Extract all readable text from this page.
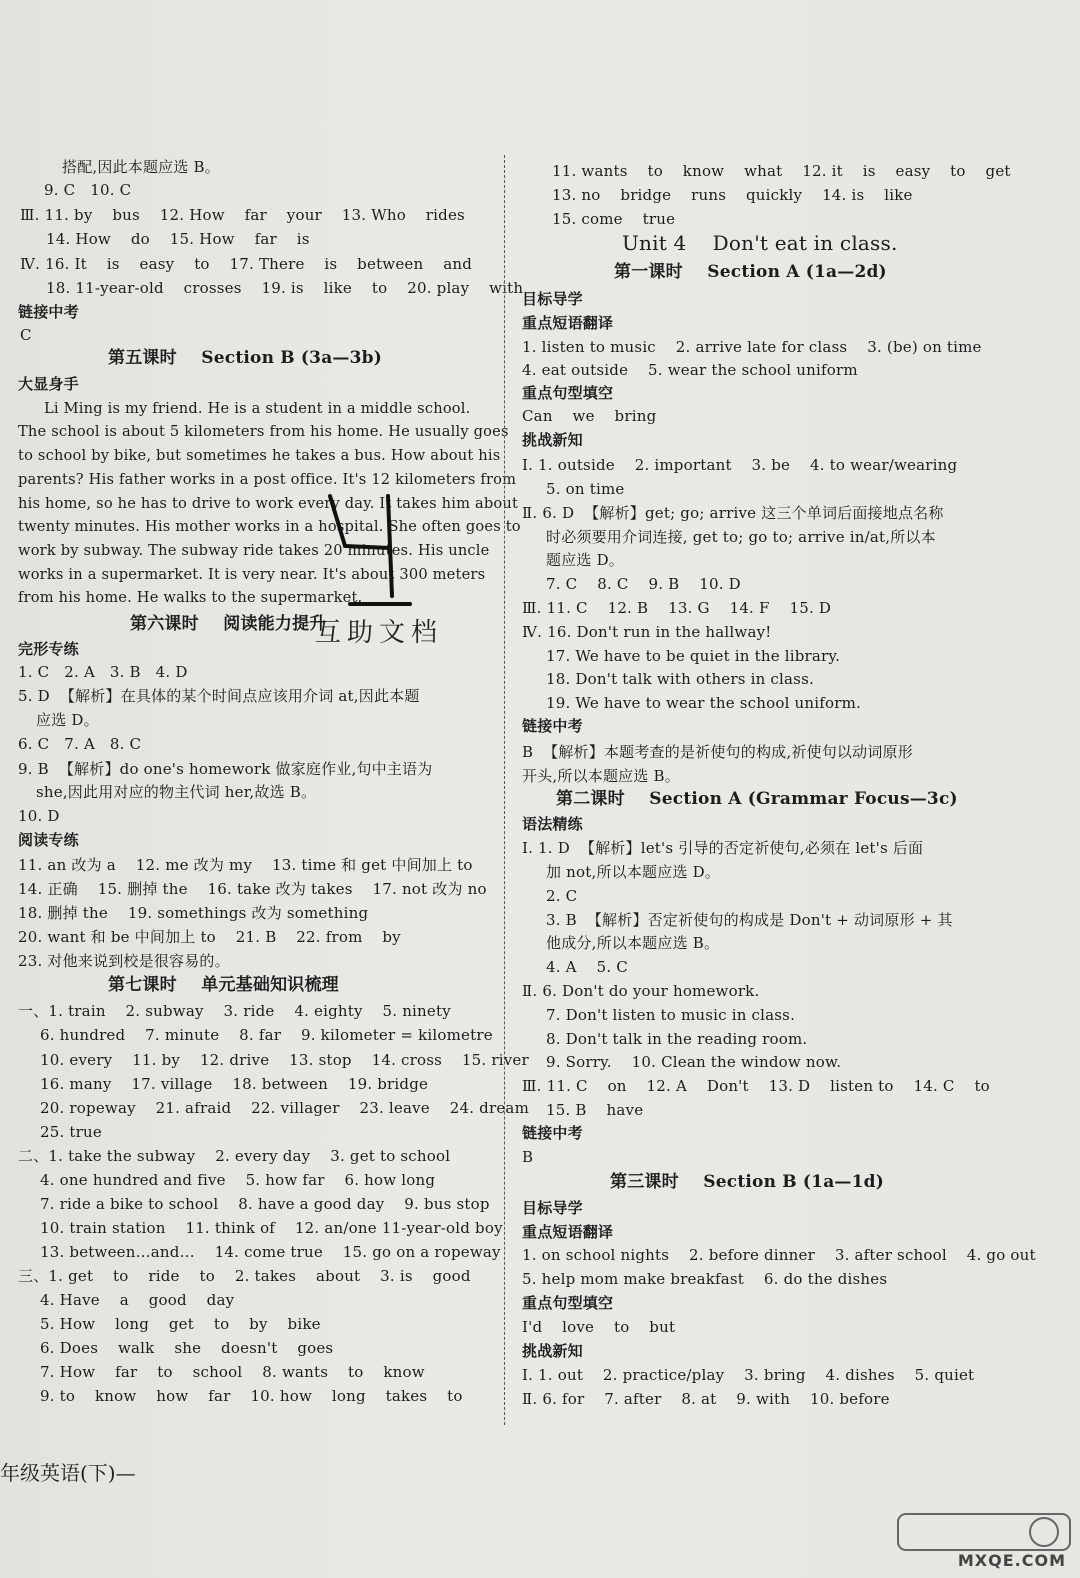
搭配,因此本题应选 B。
9. C   10. C
Ⅲ. 11. by    bus    12. How    far    your    13. Who    rides
14. How    do    15. How    far    is
Ⅳ. 16. It    is    easy    to    17. There    is    between    and
18. 11-year-old    crosses    19. is    like    to    20. play    with
链接中考
C
第五课时    Section B (3a—3b)
大显身手
Li Ming is my friend. He is a student in a middle school.
The school is about 5 kilometers from his home. He usually goes
to school by bike, but sometimes he takes a bus. How about his
parents? His father works in a post office. It's 12 kilometers from
his home, so he has to drive to work every day. It takes him about
twenty minutes. His mother works in a hospital. She often goes to
work by subway. The subway ride takes 20 minutes. His uncle
works in a supermarket. It is very near. It's about 300 meters
from his home. He walks to the supermarket.
第六课时    阅读能力提升
完形专练
1. C   2. A   3. B   4. D
5. D  【解析】在具体的某个时间点应该用介词 at,因此本题
应选 D。
6. C   7. A   8. C
9. B  【解析】do one's homework 做家庭作业,句中主语为
she,因此用对应的物主代词 her,故选 B。
10. D
阅读专练
11. an 改为 a    12. me 改为 my    13. time 和 get 中间加上 to
14. 正确    15. 删掉 the    16. take 改为 takes    17. not 改为 no
18. 删掉 the    19. somethings 改为 something
20. want 和 be 中间加上 to    21. B    22. from    by
23. 对他来说到校是很容易的。
第七课时    单元基础知识梳理
一、1. train    2. subway    3. ride    4. eighty    5. ninety
6. hundred    7. minute    8. far    9. kilometer = kilometre
10. every    11. by    12. drive    13. stop    14. cross    15. river
16. many    17. village    18. between    19. bridge
20. ropeway    21. afraid    22. villager    23. leave    24. dream
25. true
二、1. take the subway    2. every day    3. get to school
4. one hundred and five    5. how far    6. how long
7. ride a bike to school    8. have a good day    9. bus stop
10. train station    11. think of    12. an/one 11-year-old boy
13. between…and…    14. come true    15. go on a ropeway
三、1. get    to    ride    to    2. takes    about    3. is    good
4. Have    a    good    day
5. How    long    get    to    by    bike
6. Does    walk    she    doesn't    goes
7. How    far    to    school    8. wants    to    know
9. to    know    how    far    10. how    long    takes    to
11. wants    to    know    what    12. it    is    easy    to    get
13. no    bridge    runs    quickly    14. is    like
15. come    true
Unit 4    Don't eat in class.
第一课时    Section A (1a—2d)
目标导学
重点短语翻译
1. listen to music    2. arrive late for class    3. (be) on time
4. eat outside    5. wear the school uniform
重点句型填空
Can    we    bring
挑战新知
Ⅰ. 1. outside    2. important    3. be    4. to wear/wearing
5. on time
Ⅱ. 6. D  【解析】get; go; arrive 这三个单词后面接地点名称
时必须要用介词连接, get to; go to; arrive in/at,所以本
题应选 D。
7. C    8. C    9. B    10. D
Ⅲ. 11. C    12. B    13. G    14. F    15. D
Ⅳ. 16. Don't run in the hallway!
17. We have to be quiet in the library.
18. Don't talk with others in class.
19. We have to wear the school uniform.
链接中考
B  【解析】本题考查的是祈使句的构成,祈使句以动词原形
开头,所以本题应选 B。
第二课时    Section A (Grammar Focus—3c)
语法精练
Ⅰ. 1. D  【解析】let's 引导的否定祈使句,必须在 let's 后面
加 not,所以本题应选 D。
2. C
3. B  【解析】否定祈使句的构成是 Don't + 动词原形 + 其
他成分,所以本题应选 B。
4. A    5. C
Ⅱ. 6. Don't do your homework.
7. Don't listen to music in class.
8. Don't talk in the reading room.
9. Sorry.    10. Clean the window now.
Ⅲ. 11. C    on    12. A    Don't    13. D    listen to    14. C    to
15. B    have
链接中考
B
第三课时    Section B (1a—1d)
目标导学
重点短语翻译
1. on school nights    2. before dinner    3. after school    4. go out
5. help mom make breakfast    6. do the dishes
重点句型填空
I'd    love    to    but
挑战新知
Ⅰ. 1. out    2. practice/play    3. bring    4. dishes    5. quiet
Ⅱ. 6. for    7. after    8. at    9. with    10. before
互助文档
年级英语(下)—
MXQE.COM
